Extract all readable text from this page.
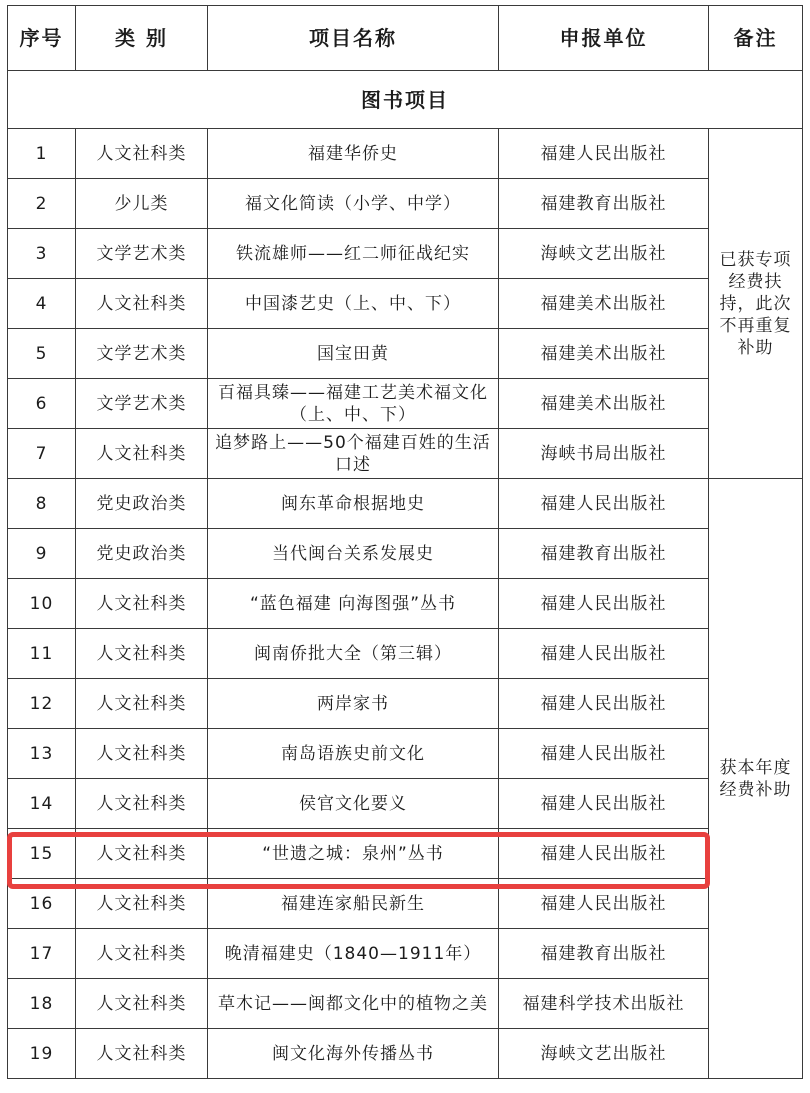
序号	类 别	项目名称	申报单位	备注
图书项目				
1	人文社科类	福建华侨史	福建人民出版社	已获专项经费扶持，此次不再重复补助
2	少儿类	福文化简读（小学、中学）	福建教育出版社	
3	文学艺术类	铁流雄师——红二师征战纪实	海峡文艺出版社	
4	人文社科类	中国漆艺史（上、中、下）	福建美术出版社	
5	文学艺术类	国宝田黄	福建美术出版社	
6	文学艺术类	百福具臻——福建工艺美术福文化（上、中、下）	福建美术出版社	
7	人文社科类	追梦路上——50个福建百姓的生活口述	海峡书局出版社	
8	党史政治类	闽东革命根据地史	福建人民出版社	获本年度经费补助
9	党史政治类	当代闽台关系发展史	福建教育出版社	
10	人文社科类	“蓝色福建 向海图强”丛书	福建人民出版社	
11	人文社科类	闽南侨批大全（第三辑）	福建人民出版社	
12	人文社科类	两岸家书	福建人民出版社	
13	人文社科类	南岛语族史前文化	福建人民出版社	
14	人文社科类	侯官文化要义	福建人民出版社	
15	人文社科类	“世遗之城：泉州”丛书	福建人民出版社	
16	人文社科类	福建连家船民新生	福建人民出版社	
17	人文社科类	晚清福建史（1840—1911年）	福建教育出版社	
18	人文社科类	草木记——闽都文化中的植物之美	福建科学技术出版社	
19	人文社科类	闽文化海外传播丛书	海峡文艺出版社	
